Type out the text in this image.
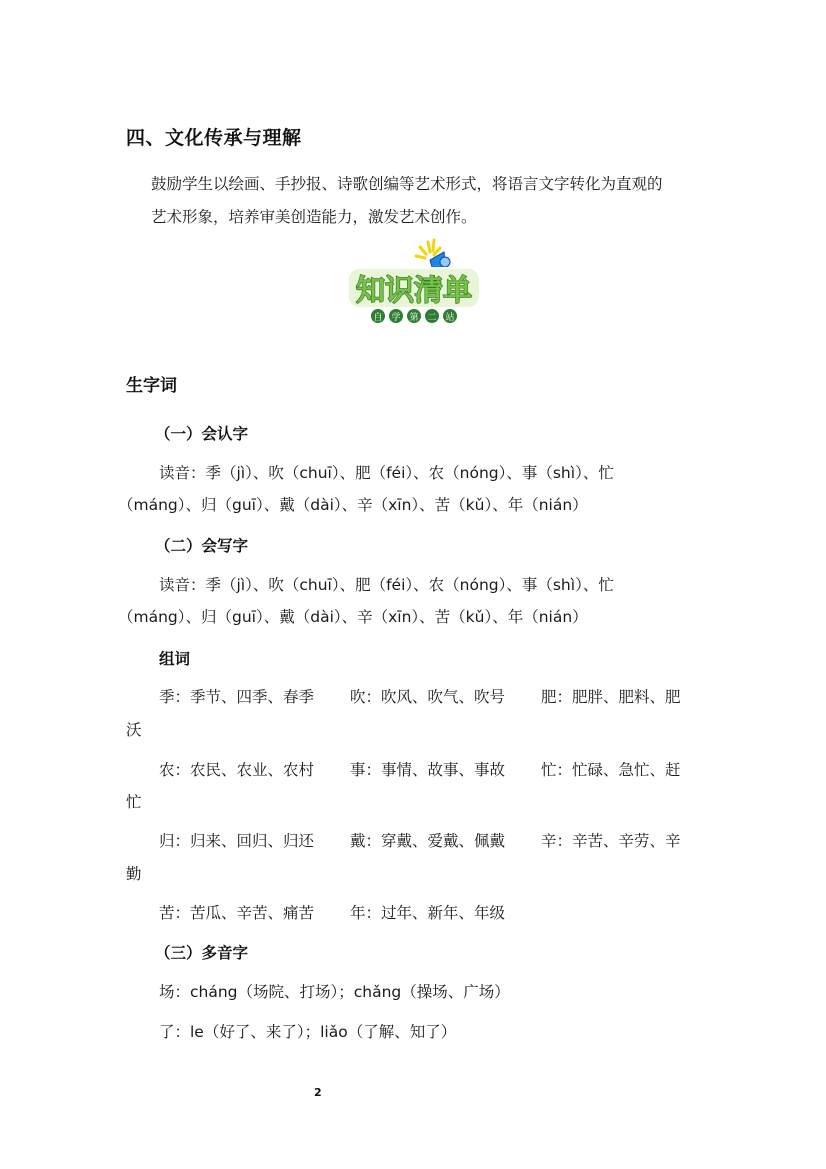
四、文化传承与理解
鼓励学生以绘画、手抄报、诗歌创编等艺术形式，将语言文字转化为直观的
艺术形象，培养审美创造能力，激发艺术创作。
知识清单
自 学 第 二 站
生字词
（一）会认字
读音：季（jì）、吹（chuī）、肥（féi）、农（nóng）、事（shì）、忙
（máng）、归（guī）、戴（dài）、辛（xīn）、苦（kǔ）、年（nián）
（二）会写字
读音：季（jì）、吹（chuī）、肥（féi）、农（nóng）、事（shì）、忙
（máng）、归（guī）、戴（dài）、辛（xīn）、苦（kǔ）、年（nián）
组词
季：季节、四季、春季 吹：吹风、吹气、吹号 肥：肥胖、肥料、肥
沃
农：农民、农业、农村 事：事情、故事、事故 忙：忙碌、急忙、赶
忙
归：归来、回归、归还 戴：穿戴、爱戴、佩戴 辛：辛苦、辛劳、辛
勤
苦：苦瓜、辛苦、痛苦 年：过年、新年、年级
（三）多音字
场：cháng（场院、打场）；chǎng（操场、广场）
了：le（好了、来了）；liǎo（了解、知了）
2
